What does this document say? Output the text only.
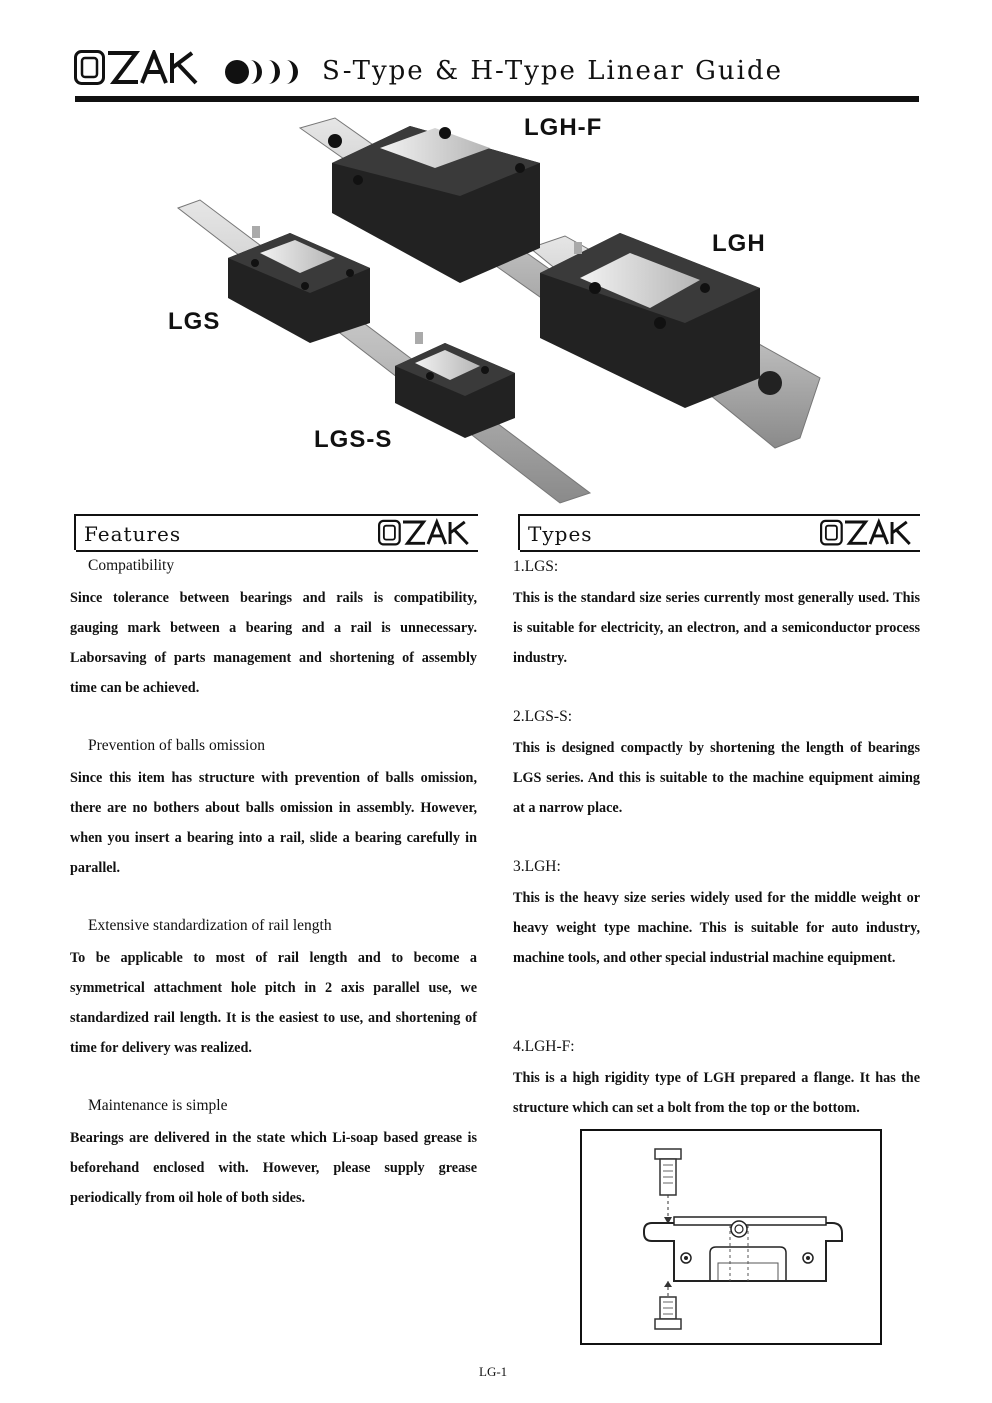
S-Type & H-Type Linear Guide
LGH-F
LGH
LGS
LGS-S
Features
Compatibility
Since tolerance between bearings and rails is compatibility, gauging mark between a bearing and a rail is unnecessary. Laborsaving of parts management and shortening of assembly time can be achieved.
Prevention of balls omission
Since this item has structure with prevention of balls omission, there are no bothers about balls omission in assembly. However, when you insert a bearing into a rail, slide a bearing carefully in parallel.
Extensive standardization of rail length
To be applicable to most of rail length and to become a symmetrical attachment hole pitch in 2 axis parallel use, we standardized rail length. It is the easiest to use, and shortening of time for delivery was realized.
Maintenance is simple
Bearings are delivered in the state which Li-soap based grease is beforehand enclosed with. However, please supply grease periodically from oil hole of both sides.
Types
1.LGS:
This is the standard size series currently most generally used. This is suitable for electricity, an electron, and a semiconductor process industry.
2.LGS-S:
This is designed compactly by shortening the length of bearings LGS series. And this is suitable to the machine equipment aiming at a narrow place.
3.LGH:
This is the heavy size series widely used for the middle weight or heavy weight type machine. This is suitable for auto industry, machine tools, and other special industrial machine equipment.
4.LGH-F:
This is a high rigidity type of LGH prepared a flange. It has the structure which can set a bolt from the top or the bottom.
LG-1
